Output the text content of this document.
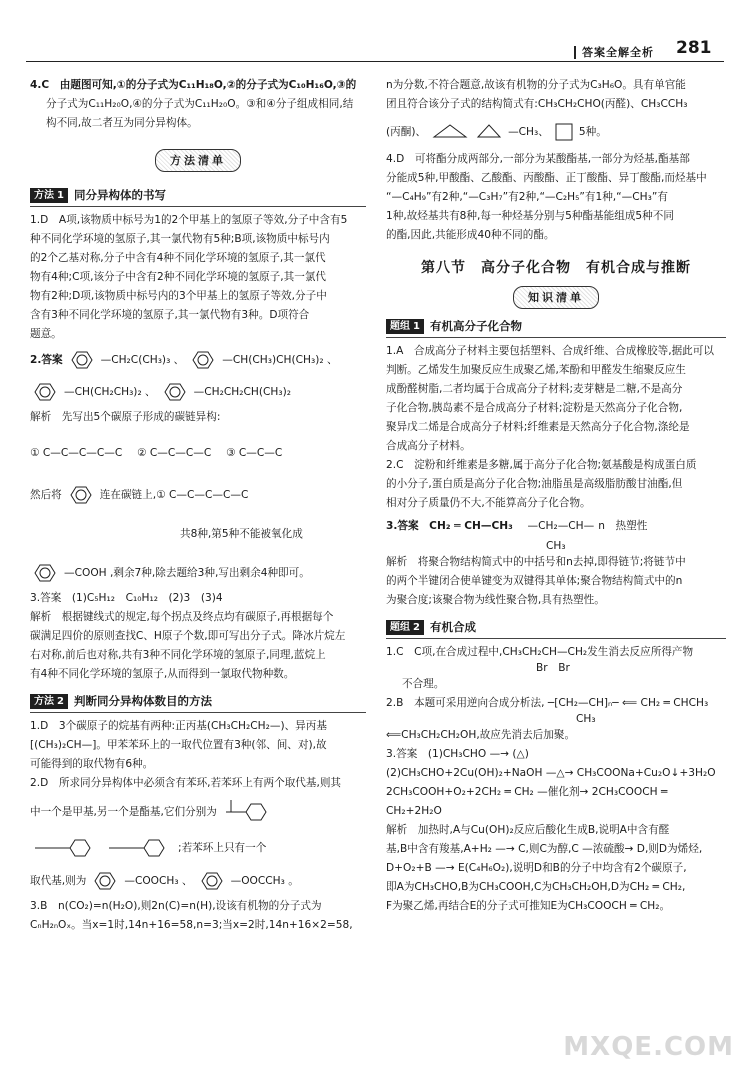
答案全解全析 281

4.C　由题图可知,①的分子式为C₁₁H₁₈O,②的分子式为C₁₀H₁₆O,③的

分子式为C₁₁H₂₀O,④的分子式为C₁₁H₂₀O。③和④分子组成相同,结

构不同,故二者互为同分异构体。

方法清单
方法 1 同分异构体的书写

1.D　A项,该物质中标号为1的2个甲基上的氢原子等效,分子中含有5

种不同化学环境的氢原子,其一氯代物有5种;B项,该物质中标号内

的2个乙基对称,分子中含有4种不同化学环境的氢原子,其一氯代

物有4种;C项,该分子中含有2种不同化学环境的氢原子,其一氯代

物有2种;D项,该物质中标号内的3个甲基上的氢原子等效,分子中

含有3种不同化学环境的氢原子,其一氯代物有3种。D项符合

题意。

2.答案	—CH₂C(CH₃)₃ 、	—CH(CH₃)CH(CH₃)₂ 、
—CH(CH₂CH₃)₂ 、	—CH₂CH₂CH(CH₃)₂

解析　先写出5个碳原子形成的碳链异构:

① C—C—C—C—C
② C—C—C—C
③ C—C—C
然后将	连在碳链上,① C—C—C—C—C
共8种,第5种不能被氧化成
—COOH ,剩余7种,除去题给3种,写出剩余4种即可。

3.答案　(1)C₅H₁₂　C₁₀H₁₂　(2)3　(3)4

解析　根据键线式的规定,每个拐点及终点均有碳原子,再根据每个

碳满足四价的原则查找C、H原子个数,即可写出分子式。降冰片烷左

右对称,前后也对称,共有3种不同化学环境的氢原子,同理,蓝烷上

有4种不同化学环境的氢原子,从而得到一氯取代物种数。

方法 2 判断同分异构体数目的方法

1.D　3个碳原子的烷基有两种:正丙基(CH₃CH₂CH₂—)、异丙基

[(CH₃)₂CH—]。甲苯苯环上的一取代位置有3种(邻、间、对),故

可能得到的取代物有6种。

2.D　所求同分异构体中必须含有苯环,若苯环上有两个取代基,则其

中一个是甲基,另一个是酯基,它们分别为
;若苯环上只有一个
取代基,则为	—COOCH₃ 、	—OOCCH₃ 。

3.B　n(CO₂)=n(H₂O),则2n(C)=n(H),设该有机物的分子式为

CₙH₂ₙOₓ。当x=1时,14n+16=58,n=3;当x=2时,14n+16×2=58,

n为分数,不符合题意,故该有机物的分子式为C₃H₆O。具有单官能

团且符合该分子式的结构简式有:CH₃CH₂CHO(丙醛)、CH₃CCH₃

(丙酮)、	—CH₃、	5种。

4.D　可将酯分成两部分,一部分为某酸酯基,一部分为烃基,酯基部

分能成5种,甲酸酯、乙酸酯、丙酸酯、正丁酸酯、异丁酸酯,而烃基中

“—C₄H₉”有2种,“—C₃H₇”有2种,“—C₂H₅”有1种,“—CH₃”有

1种,故烃基共有8种,每一种烃基分别与5种酯基能组成5种不同

的酯,因此,共能形成40种不同的酯。

第八节　高分子化合物　有机合成与推断
知识清单
题组 1 有机高分子化合物

1.A　合成高分子材料主要包括塑料、合成纤维、合成橡胶等,据此可以

判断。乙烯发生加聚反应生成聚乙烯,苯酚和甲醛发生缩聚反应生

成酚醛树脂,二者均属于合成高分子材料;麦芽糖是二糖,不是高分

子化合物,胰岛素不是合成高分子材料;淀粉是天然高分子化合物,

聚异戊二烯是合成高分子材料;纤维素是天然高分子化合物,涤纶是

合成高分子材料。

2.C　淀粉和纤维素是多糖,属于高分子化合物;氨基酸是构成蛋白质

的小分子,蛋白质是高分子化合物;油脂虽是高级脂肪酸甘油酯,但

相对分子质量仍不大,不能算高分子化合物。

3.答案　CH₂ ═ CH—CH₃
—CH₂—CH— n　热塑性

CH₃

解析　将聚合物结构简式中的中括号和n去掉,即得链节;将链节中

的两个半键闭合使单键变为双键得其单体;聚合物结构简式中的n

为聚合度;该聚合物为线性聚合物,具有热塑性。

题组 2 有机合成

1.C　C项,在合成过程中,CH₃CH₂CH—CH₂发生消去反应所得产物

Br　Br

不合理。

2.B　本题可采用逆向合成分析法, ─[CH₂—CH]ₙ─ ⟸ CH₂ ═ CHCH₃

CH₃

⟸CH₃CH₂CH₂OH,故应先消去后加聚。

3.答案　(1)CH₃CHO —→ (△)

(2)CH₃CHO+2Cu(OH)₂+NaOH —△→ CH₃COONa+Cu₂O↓+3H₂O

2CH₃COOH+O₂+2CH₂ ═ CH₂ —催化剂→ 2CH₃COOCH ═ CH₂+2H₂O

解析　加热时,A与Cu(OH)₂反应后酸化生成B,说明A中含有醛

基,B中含有羧基,A+H₂ —→ C,则C为醇,C —浓硫酸→ D,则D为烯烃,

D+O₂+B —→ E(C₄H₆O₂),说明D和B的分子中均含有2个碳原子,

即A为CH₃CHO,B为CH₃COOH,C为CH₃CH₂OH,D为CH₂ ═ CH₂,

F为聚乙烯,再结合E的分子式可推知E为CH₃COOCH ═ CH₂。

MXQE.COM
